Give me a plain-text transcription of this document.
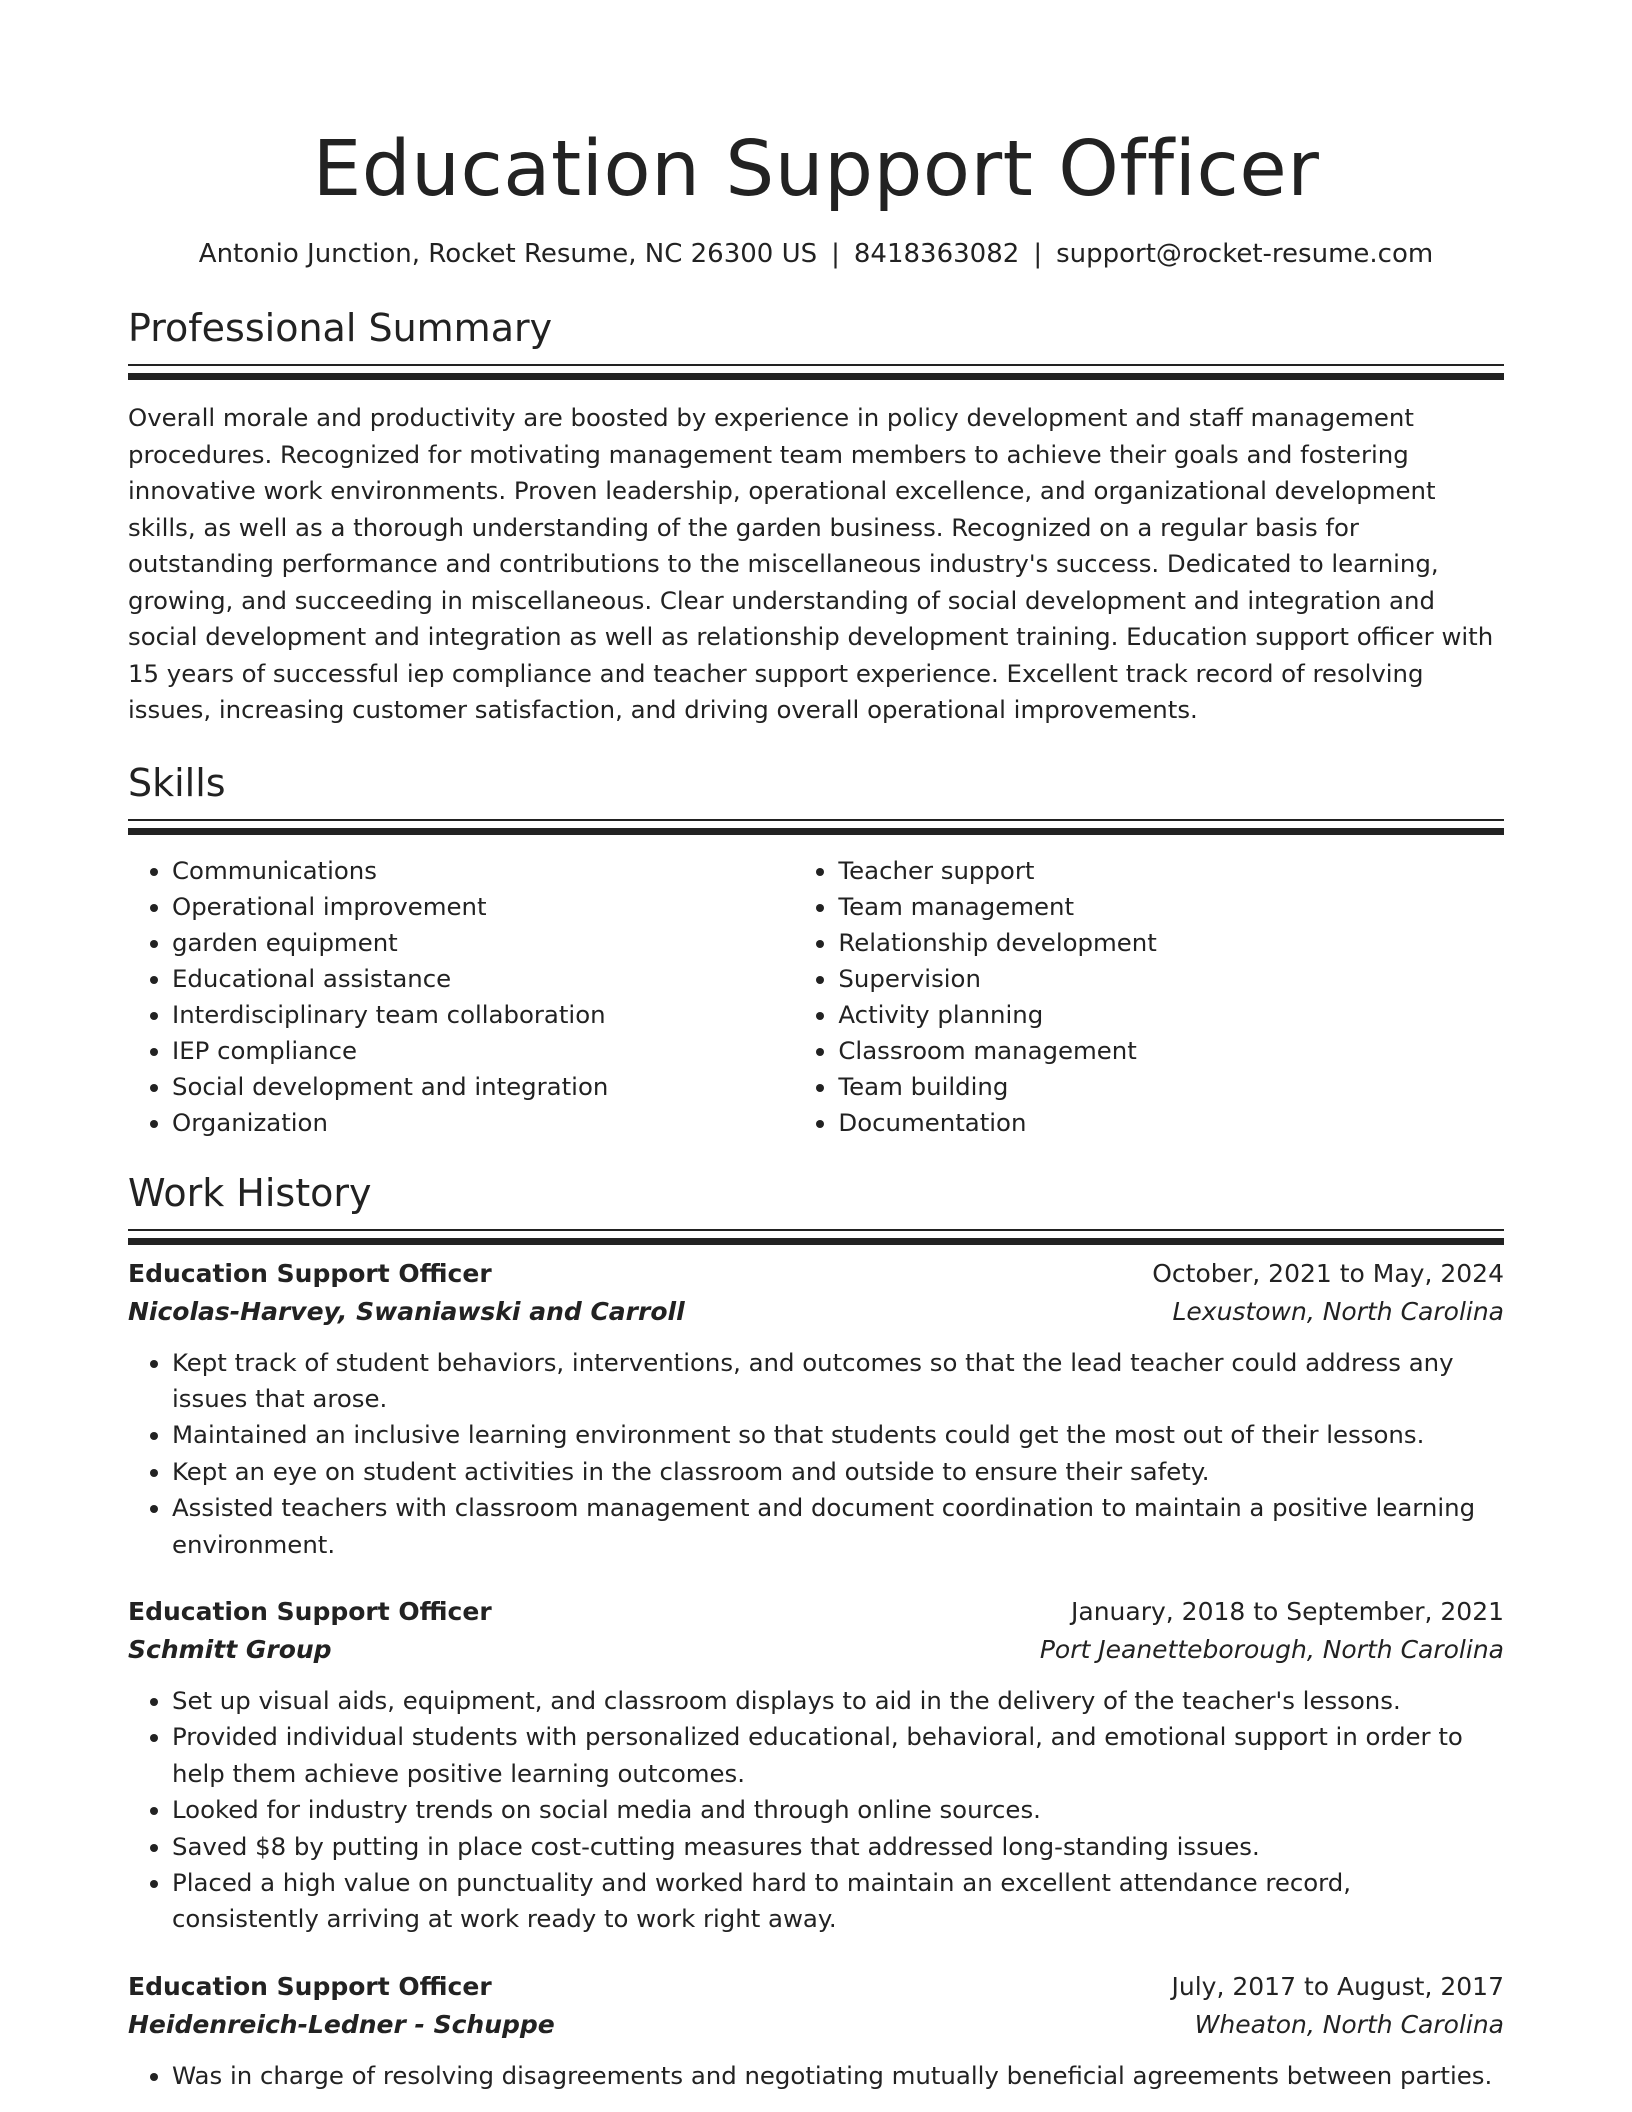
Education Support Officer
Antonio Junction, Rocket Resume, NC 26300 US | 8418363082 | support@rocket-resume.com
Professional Summary

Overall morale and productivity are boosted by experience in policy development and staff management procedures. Recognized for motivating management team members to achieve their goals and fostering innovative work environments. Proven leadership, operational excellence, and organizational development skills, as well as a thorough understanding of the garden business. Recognized on a regular basis for outstanding performance and contributions to the miscellaneous industry's success. Dedicated to learning, growing, and succeeding in miscellaneous. Clear understanding of social development and integration and social development and integration as well as relationship development training. Education support officer with 15 years of successful iep compliance and teacher support experience. Excellent track record of resolving issues, increasing customer satisfaction, and driving overall operational improvements.

Skills
• Communications
• Operational improvement
• garden equipment
• Educational assistance
• Interdisciplinary team collaboration
• IEP compliance
• Social development and integration
• Organization
• Teacher support
• Team management
• Relationship development
• Supervision
• Activity planning
• Classroom management
• Team building
• Documentation
Work History
Education Support Officer	October, 2021 to May, 2024
Nicolas-Harvey, Swaniawski and Carroll	Lexustown, North Carolina
• Kept track of student behaviors, interventions, and outcomes so that the lead teacher could address any issues that arose.
• Maintained an inclusive learning environment so that students could get the most out of their lessons.
• Kept an eye on student activities in the classroom and outside to ensure their safety.
• Assisted teachers with classroom management and document coordination to maintain a positive learning environment.
Education Support Officer	January, 2018 to September, 2021
Schmitt Group	Port Jeanetteborough, North Carolina
• Set up visual aids, equipment, and classroom displays to aid in the delivery of the teacher's lessons.
• Provided individual students with personalized educational, behavioral, and emotional support in order to help them achieve positive learning outcomes.
• Looked for industry trends on social media and through online sources.
• Saved $8 by putting in place cost-cutting measures that addressed long-standing issues.
• Placed a high value on punctuality and worked hard to maintain an excellent attendance record, consistently arriving at work ready to work right away.
Education Support Officer	July, 2017 to August, 2017
Heidenreich-Ledner - Schuppe	Wheaton, North Carolina
• Was in charge of resolving disagreements and negotiating mutually beneficial agreements between parties.
